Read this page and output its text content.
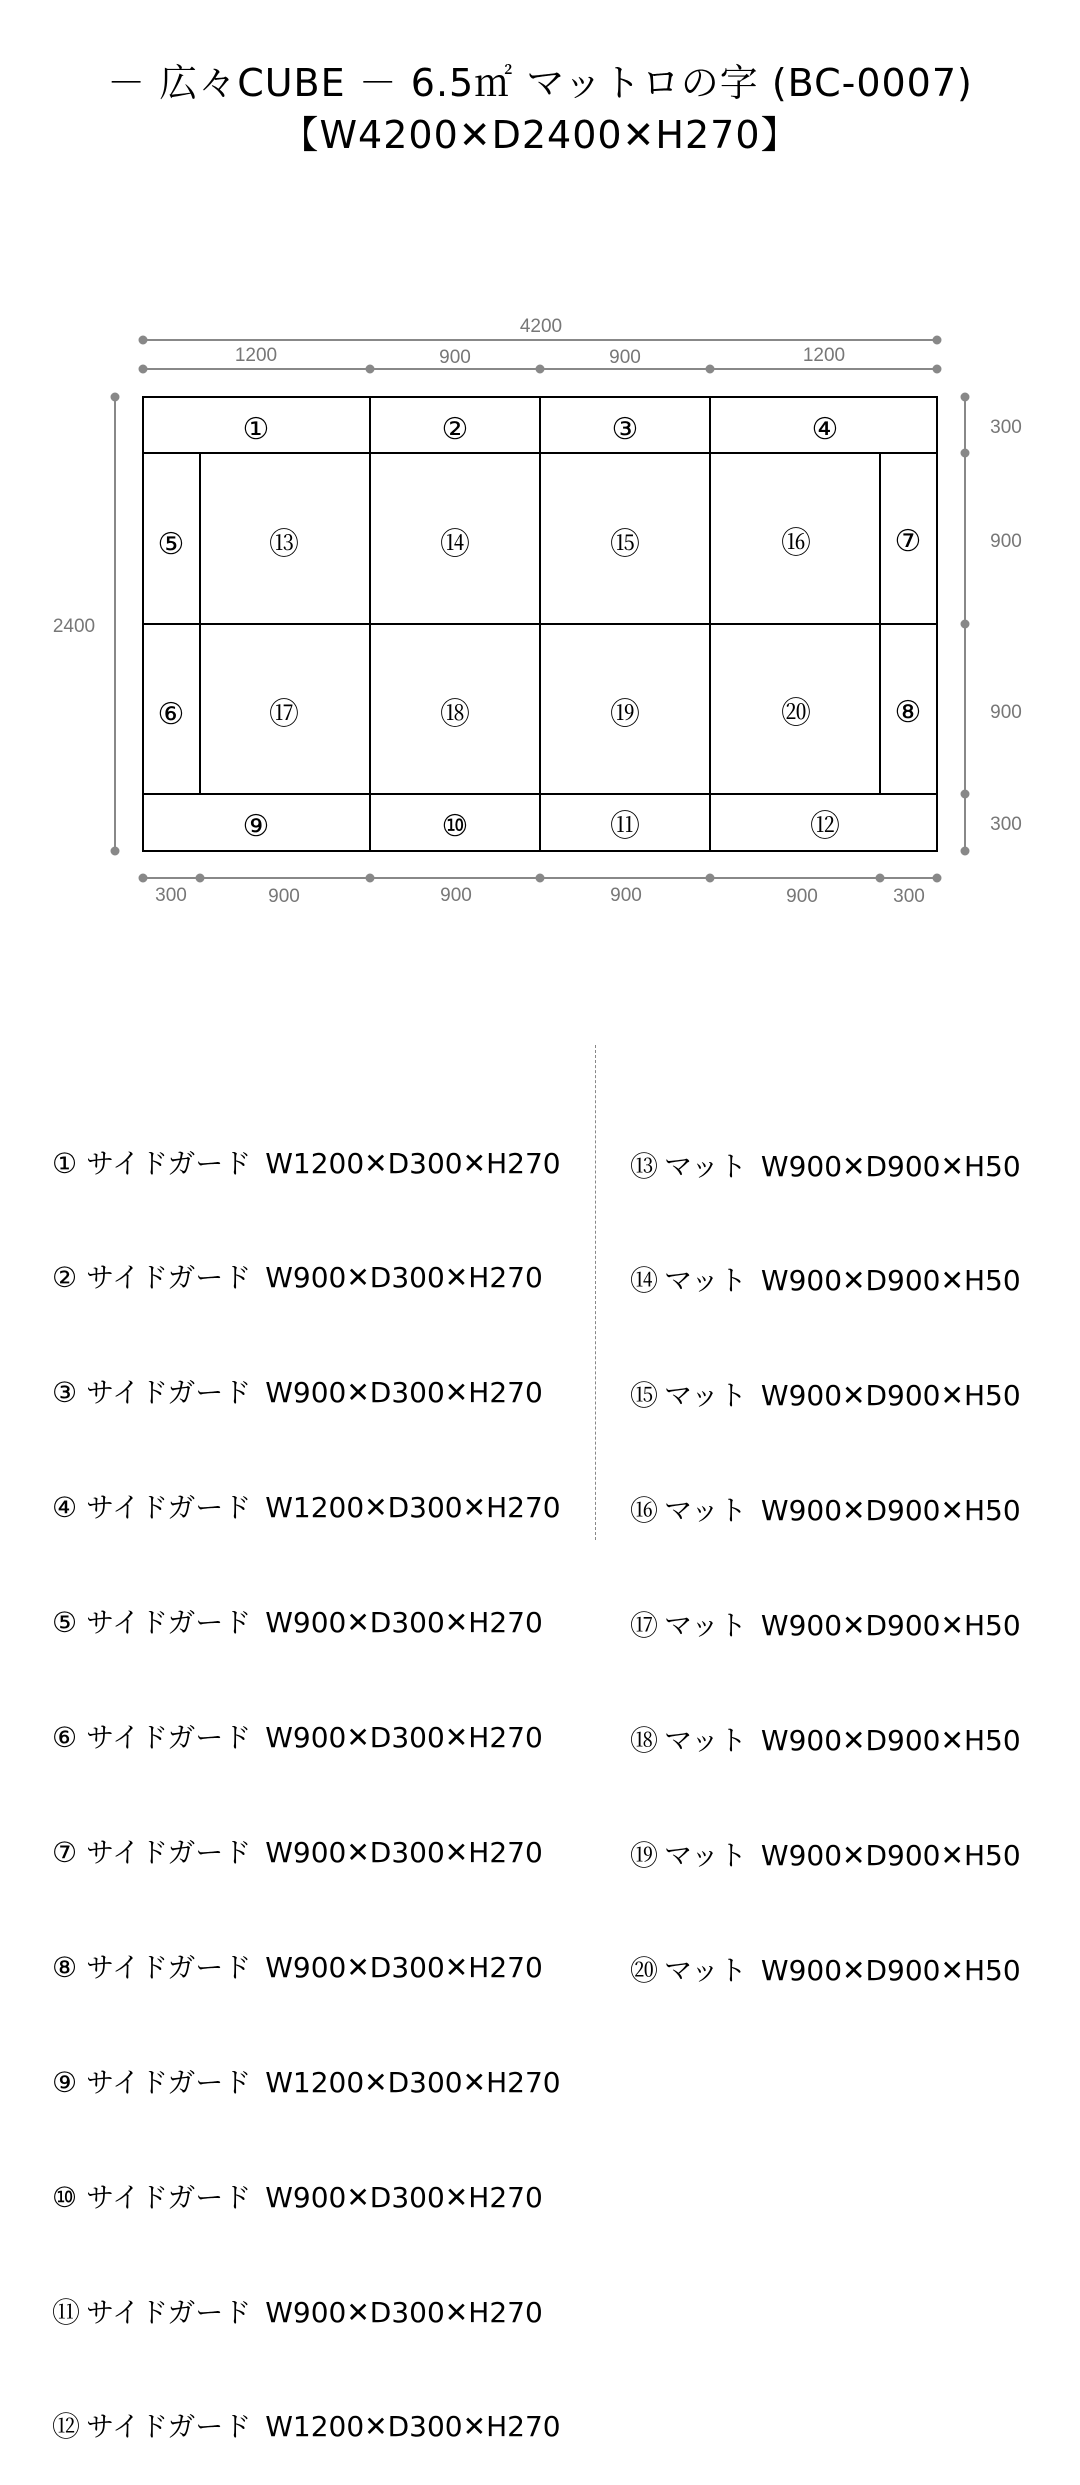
－ 広々CUBE － 6.5㎡ マットロの字 (BC-0007)
【W4200✕D2400✕H270】
4200
1200	900	900	1200
2400
300
900
900
300
300	900	900	900	900	300
①	②	③	④
⑤	⑬	⑭	⑮	⑯	⑦
⑥	⑰	⑱	⑲	⑳	⑧
⑨	⑩	⑪	⑫

① サイドガード W1200✕D300✕H270

② サイドガード W900✕D300✕H270

③ サイドガード W900✕D300✕H270

④ サイドガード W1200✕D300✕H270

⑤ サイドガード W900✕D300✕H270

⑥ サイドガード W900✕D300✕H270

⑦ サイドガード W900✕D300✕H270

⑧ サイドガード W900✕D300✕H270

⑨ サイドガード W1200✕D300✕H270

⑩ サイドガード W900✕D300✕H270

⑪ サイドガード W900✕D300✕H270

⑫ サイドガード W1200✕D300✕H270

⑬ マット W900✕D900✕H50

⑭ マット W900✕D900✕H50

⑮ マット W900✕D900✕H50

⑯ マット W900✕D900✕H50

⑰ マット W900✕D900✕H50

⑱ マット W900✕D900✕H50

⑲ マット W900✕D900✕H50

⑳ マット W900✕D900✕H50
